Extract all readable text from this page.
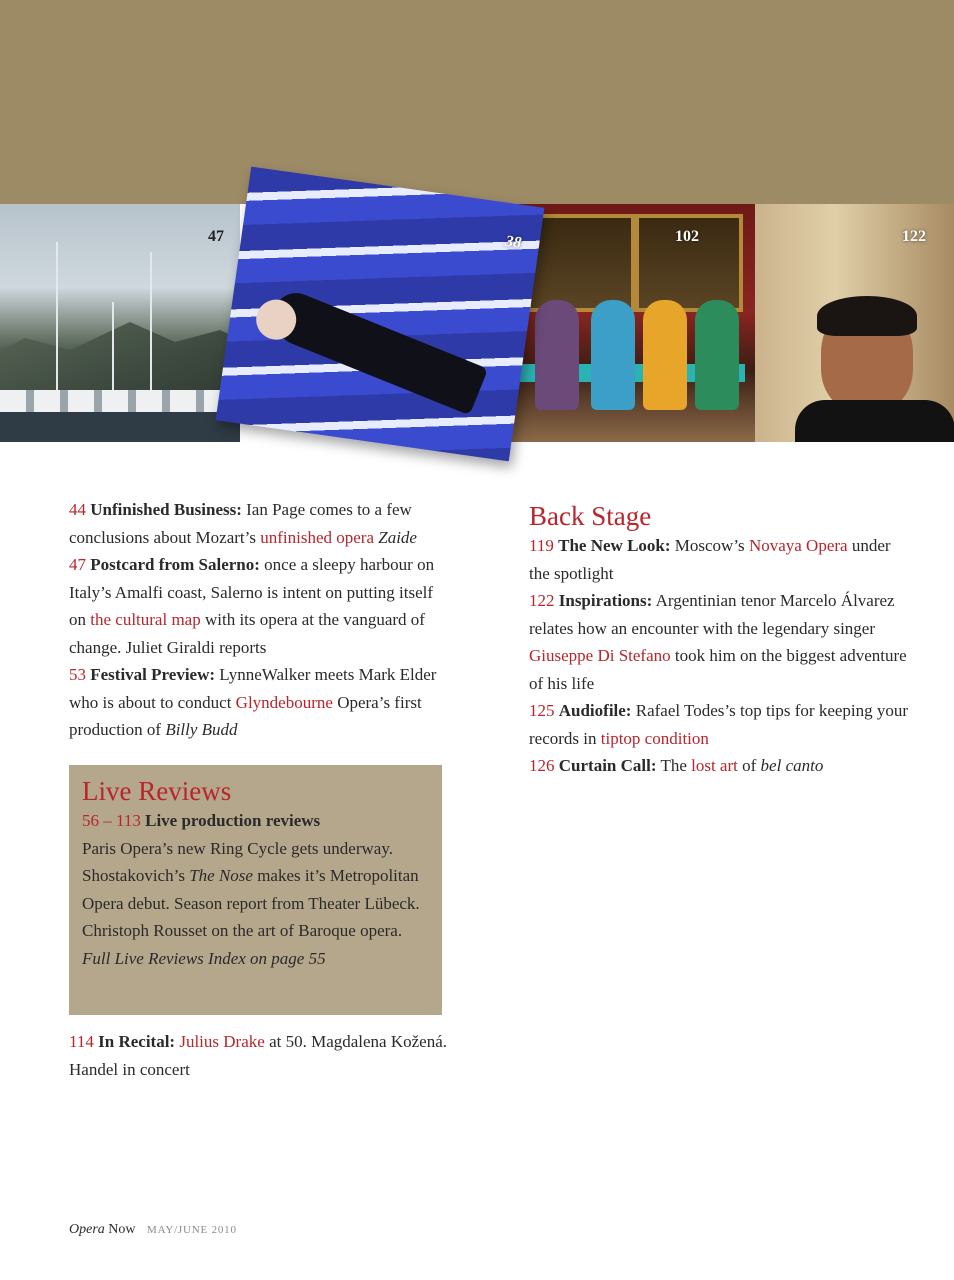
47	102	122
38
44 Unfinished Business: Ian Page comes to a few conclusions about Mozart’s unfinished opera Zaide
47 Postcard from Salerno: once a sleepy harbour on Italy’s Amalfi coast, Salerno is intent on putting itself on the cultural map with its opera at the vanguard of change. Juliet Giraldi reports
53 Festival Preview: LynneWalker meets Mark Elder who is about to conduct Glyndebourne Opera’s first production of Billy Budd
Live Reviews
56 – 113 Live production reviews
Paris Opera’s new Ring Cycle gets underway. Shostakovich’s The Nose makes it’s Metropolitan Opera debut. Season report from Theater Lübeck. Christoph Rousset on the art of Baroque opera.
Full Live Reviews Index on page 55
114 In Recital: Julius Drake at 50. Magdalena Kožená. Handel in concert
Back Stage
119 The New Look: Moscow’s Novaya Opera under the spotlight
122 Inspirations: Argentinian tenor Marcelo Álvarez relates how an encounter with the legendary singer Giuseppe Di Stefano took him on the biggest adventure of his life
125 Audiofile: Rafael Todes’s top tips for keeping your records in tiptop condition
126 Curtain Call: The lost art of bel canto
Opera Now MAY/JUNE 2010
